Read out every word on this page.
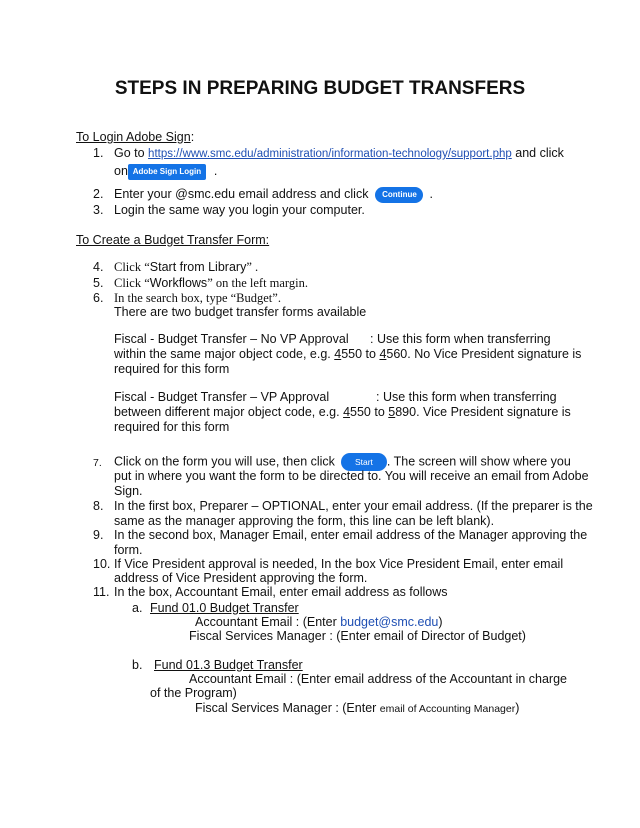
STEPS IN PREPARING BUDGET TRANSFERS
To Login Adobe Sign:
1. Go to https://www.smc.edu/administration/information-technology/support.php and click
on Adobe Sign Login .
2. Enter your @smc.edu email address and click Continue .
3. Login the same way you login your computer.
To Create a Budget Transfer Form:
4. Click “Start from Library” .
5. Click “Workflows” on the left margin.
6. In the search box, type “Budget”.
There are two budget transfer forms available
Fiscal - Budget Transfer – No VP Approval : Use this form when transferring
within the same major object code, e.g. 4550 to 4560. No Vice President signature is
required for this form
Fiscal - Budget Transfer – VP Approval	: Use this form when transferring
between different major object code, e.g. 4550 to 5890. Vice President signature is
required for this form
7. Click on the form you will use, then click Start . The screen will show where you
put in where you want the form to be directed to. You will receive an email from Adobe
Sign.
8. In the first box, Preparer – OPTIONAL, enter your email address. (If the preparer is the
same as the manager approving the form, this line can be left blank).
9. In the second box, Manager Email, enter email address of the Manager approving the
form.
10. If Vice President approval is needed, In the box Vice President Email, enter email
address of Vice President approving the form.
11. In the box, Accountant Email, enter email address as follows
a. Fund 01.0 Budget Transfer
Accountant Email : (Enter budget@smc.edu)
Fiscal Services Manager : (Enter email of Director of Budget)
b. Fund 01.3 Budget Transfer
Accountant Email : (Enter email address of the Accountant in charge
of the Program)
Fiscal Services Manager : (Enter email of Accounting Manager)
